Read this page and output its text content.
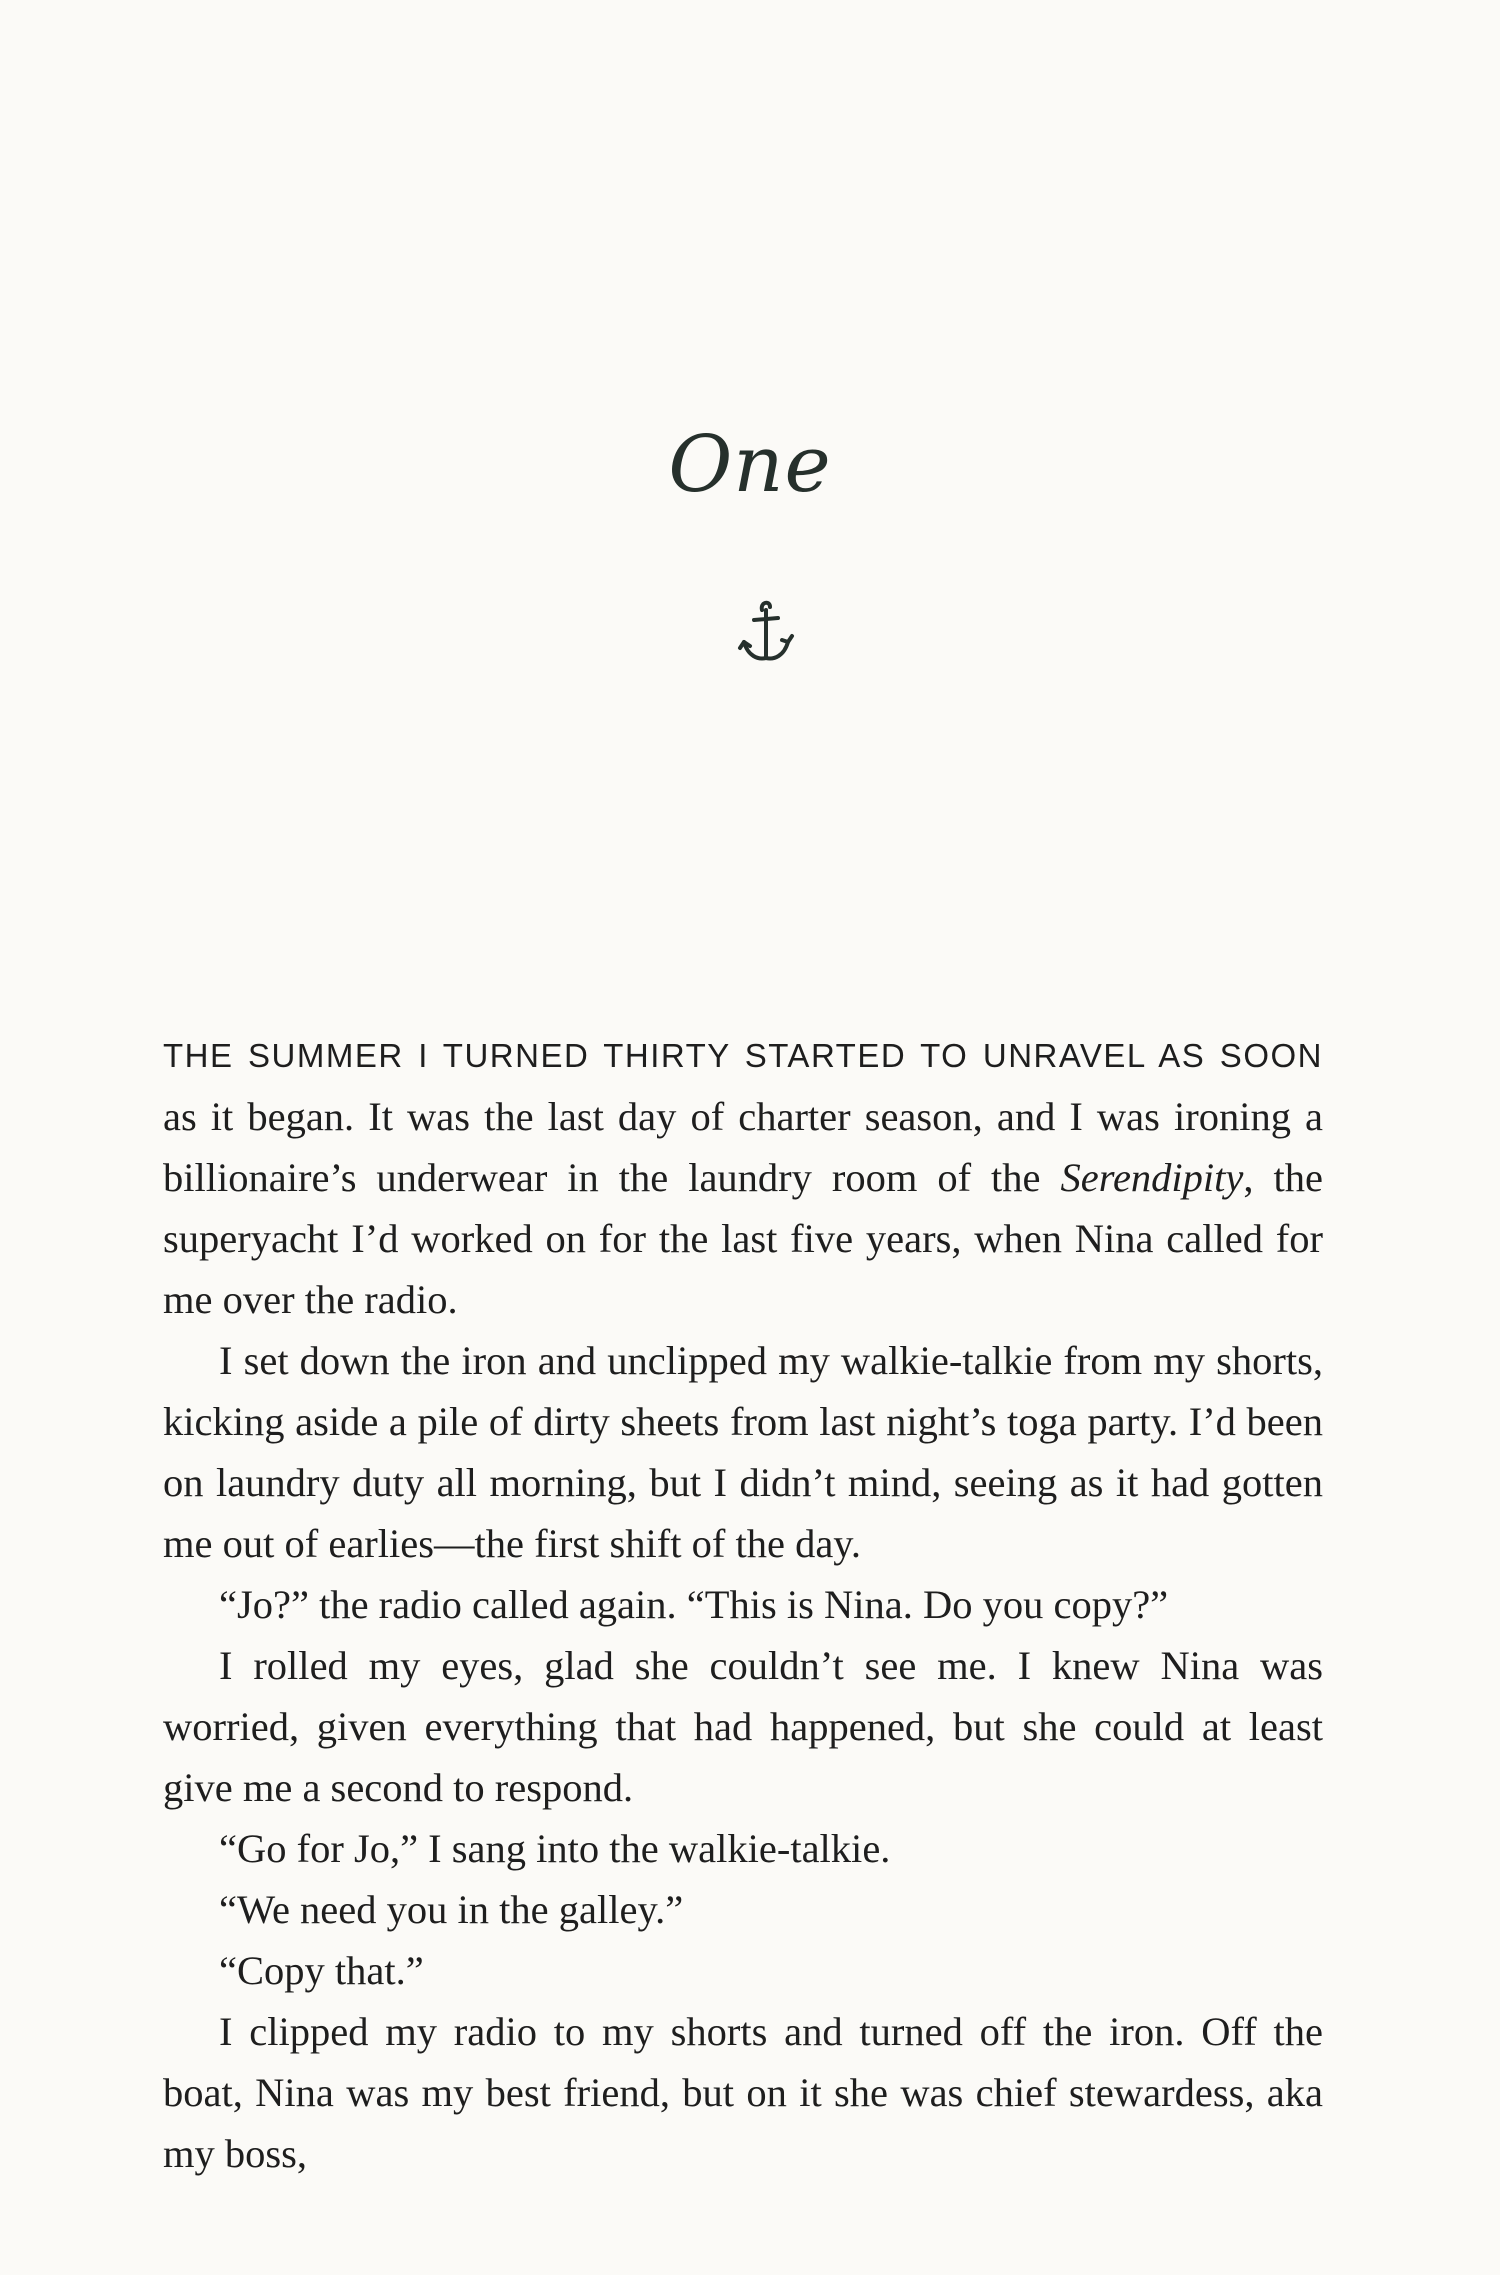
One

THE SUMMER I TURNED THIRTY STARTED TO UNRAVEL AS SOON as it began. It was the last day of charter season, and I was ironing a billionaire’s underwear in the laundry room of the Serendipity, the superyacht I’d worked on for the last five years, when Nina called for me over the radio.

I set down the iron and unclipped my walkie-talkie from my shorts, kicking aside a pile of dirty sheets from last night’s toga party. I’d been on laundry duty all morning, but I didn’t mind, seeing as it had gotten me out of earlies—the first shift of the day.

“Jo?” the radio called again. “This is Nina. Do you copy?”

I rolled my eyes, glad she couldn’t see me. I knew Nina was worried, given everything that had happened, but she could at least give me a second to respond.

“Go for Jo,” I sang into the walkie-talkie.

“We need you in the galley.”

“Copy that.”

I clipped my radio to my shorts and turned off the iron. Off the boat, Nina was my best friend, but on it she was chief stewardess, aka my boss,
